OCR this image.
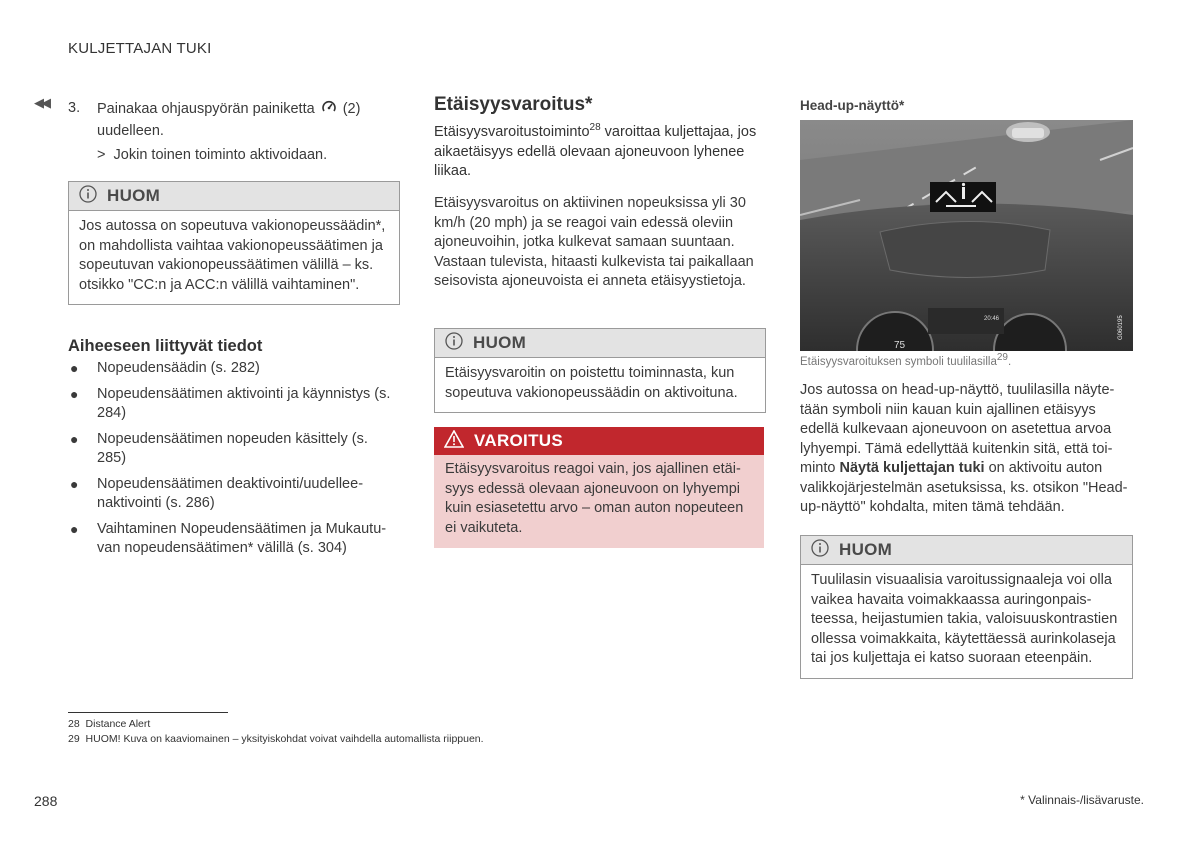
KULJETTAJAN TUKI
◀◀ 3. Painakaa ohjauspyörän painiketta (2) uudelleen.
> Jokin toinen toiminto aktivoidaan.
HUOM
Jos autossa on sopeutuva vakionopeussäädin*, on mahdollista vaihtaa vakionopeussäätimen ja sopeutuvan vakionopeussäätimen välillä – ks. otsikko "CC:n ja ACC:n välillä vaihtaminen".
Aiheeseen liittyvät tiedot
● Nopeudensäädin (s. 282)
● Nopeudensäätimen aktivointi ja käynnistys (s. 284)
● Nopeudensäätimen nopeuden käsittely (s. 285)
● Nopeudensäätimen deaktivointi/uudelleenaktivointi (s. 286)
● Vaihtaminen Nopeudensäätimen ja Mukautuvan nopeudensäätimen* välillä (s. 304)
Etäisyysvaroitus*
Etäisyysvaroitustoiminto$^{28}$ varoittaa kuljettajaa, jos aikaetäisyys edellä olevaan ajoneuvoon lyhenee liikaa.
Etäisyysvaroitus on aktiivinen nopeuksissa yli 30 km/h (20 mph) ja se reagoi vain edessä oleviin ajoneuvoihin, jotka kulkevat samaan suuntaan. Vastaan tulevista, hitaasti kulkevista tai paikallaan seisovista ajoneuvoista ei anneta etäisyystietoja.
HUOM
Etäisyysvaroitin on poistettu toiminnasta, kun sopeutuva vakionopeussäädin on aktivoituna.
VAROITUS
Etäisyysvaroitus reagoi vain, jos ajallinen etäisyys edessä olevaan ajoneuvoon on lyhyempi kuin esiasetettu arvo – oman auton nopeuteen ei vaikuteta.
Head-up-näyttö*
75
20:46	G060195
Etäisyysvaroituksen symboli tuulilasilla$^{29}$.
Jos autossa on head-up-näyttö, tuulilasilla näytetään symboli niin kauan kuin ajallinen etäisyys edellä kulkevaan ajoneuvoon on asetettua arvoa lyhyempi. Tämä edellyttää kuitenkin sitä, että toiminto Näytä kuljettajan tuki on aktivoitu auton valikkojärjestelmän asetuksissa, ks. otsikon "Head-up-näyttö" kohdalta, miten tämä tehdään.
HUOM
Tuulilasin visuaalisia varoitussignaaleja voi olla vaikea havaita voimakkaassa auringonpaisteessa, heijastumien takia, valoisuuskontrastien ollessa voimakkaita, käytettäessä aurinkolaseja tai jos kuljettaja ei katso suoraan eteenpäin.
28 Distance Alert
29 HUOM! Kuva on kaaviomainen – yksityiskohdat voivat vaihdella automallista riippuen.
288	* Valinnais-/lisävaruste.
